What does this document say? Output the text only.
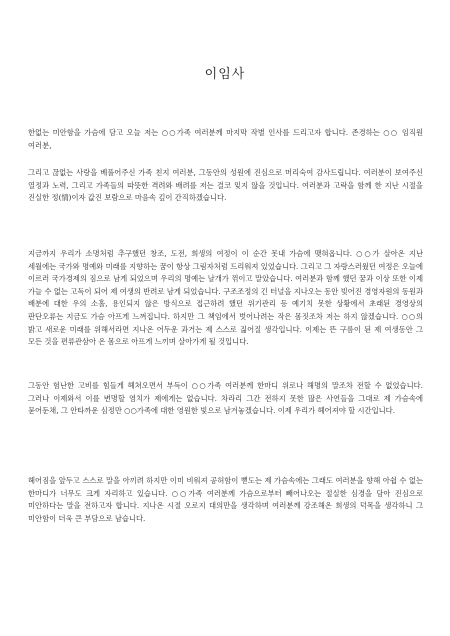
이임사

한없는 미안함을 가슴에 담고 오늘 저는 ○○가족 여러분께 마지막 작별 인사를 드리고자 합니다. 존경하는 ○○ 임직원 여러분,

그리고 끊없는 사랑을 베풀어주신 가족 친지 여러분, 그동안의 성원에 진심으로 머리숙여 감사드립니다. 여러분이 보여주신 열정과 노력, 그리고 가족들의 따뜻한 격려와 배려를 저는 결코 잊지 않을 것입니다. 여러분과 고락을 함께 한 지난 시절을 진실한 정(情)이자 값진 보람으로 마음속 깊이 간직하겠습니다.

지금까지 우리가 소명처럼 추구했던 창조, 도전, 희생의 여정이 이 순간 못내 가슴에 맺혀옵니다. ○○가 살아온 지난 세월에는 국가와 명예와 미래를 지향하는 꿈이 항상 그림자처럼 드리워져 있었습니다. 그리고 그 자랑스러웠던 여정은 오늘에 이르러 국가경제의 짐으로 남게 되었으며 우리의 명예는 날개가 꺾이고 말았습니다. 여러분과 함께 했던 꿈과 이상 또한 이제 가늘 수 없는 고독이 되어 제 여생의 반려로 남게 되었습니다. 구조조정의 긴 터널을 지나오는 동안 빚어진 경영자원의 동원과 배분에 대한 우의 소홀, 용인되지 않은 방식으로 접근하려 했던 위기관리 등 예기치 못한 상황에서 초래된 경영상의 판단오류는 지금도 가슴 아프게 느껴집니다. 하지만 그 책임에서 벗어나려는 작은 몸짓조차 저는 하지 않겠습니다. ○○의 밝고 새로운 미래를 위해서라면 지나온 어두운 과거는 제 스스로 짊어질 생각입니다. 이제는 뜬 구름이 된 제 여생동안 그 모든 것을 편류관삼아 온 몸으로 아프게 느끼며 살아가게 될 것입니다.

그동안 험난한 고비를 힘들게 헤쳐오면서 부득이 ○○가족 여러분께 한마디 위로나 해명의 말조차 전할 수 없었습니다. 그러나 이제와서 이를 변명할 염치가 제에게는 없습니다. 차라리 그간 전하지 못한 많은 사연들을 그대로 제 가슴속에 묻어둔채, 그 안타까운 심정만 ○○가족에 대한 영원한 빛으로 남겨놓겠습니다. 이제 우리가 헤어져야 할 시간입니다.

헤어짐을 앞두고 스스로 말을 아끼려 하지만 이미 비워져 공허함이 뻗도는 제 가슴속에는 그래도 여러분을 향해 아쉽 수 없는 한마디가 너무도 크게 자리하고 있습니다. ○○가족 여러분께 가슴으로부터 빼어나오는 절실한 심경을 담아 진심으로 미안하다는 말을 전하고자 합니다. 지나온 시절 오로지 대의만을 생각하며 여러분께 강조해온 희생의 덕목을 생각하니 그 미안함이 더욱 큰 부담으로 남습니다.
